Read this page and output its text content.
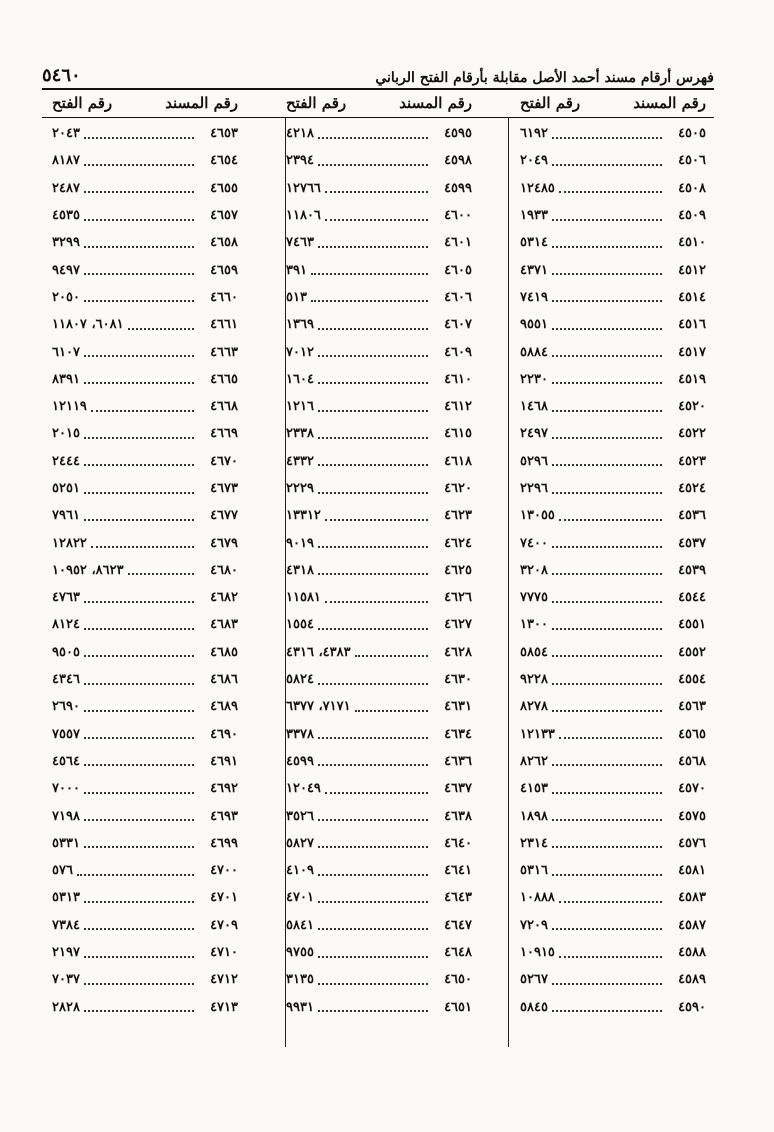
فهرس أرقام مسند أحمد الأصل مقابلة بأرقام الفتح الرباني
٥٤٦٠
رقم المسند
رقم الفتح
رقم المسند
رقم الفتح
رقم المسند
رقم الفتح
٤٥٠٥
٦١٩٢
٤٥٠٦
٢٠٤٩
٤٥٠٨
١٢٤٨٥
٤٥٠٩
١٩٣٣
٤٥١٠
٥٣١٤
٤٥١٢
٤٣٧١
٤٥١٤
٧٤١٩
٤٥١٦
٩٥٥١
٤٥١٧
٥٨٨٤
٤٥١٩
٢٢٣٠
٤٥٢٠
١٤٦٨
٤٥٢٢
٢٤٩٧
٤٥٢٣
٥٢٩٦
٤٥٢٤
٢٢٩٦
٤٥٣٦
١٣٠٥٥
٤٥٣٧
٧٤٠٠
٤٥٣٩
٣٢٠٨
٤٥٤٤
٧٧٧٥
٤٥٥١
١٣٠٠
٤٥٥٢
٥٨٥٤
٤٥٥٤
٩٢٢٨
٤٥٦٣
٨٢٧٨
٤٥٦٥
١٢١٣٣
٤٥٦٨
٨٢٦٢
٤٥٧٠
٤١٥٣
٤٥٧٥
١٨٩٨
٤٥٧٦
٢٣١٤
٤٥٨١
٥٣١٦
٤٥٨٣
١٠٨٨٨
٤٥٨٧
٧٢٠٩
٤٥٨٨
١٠٩١٥
٤٥٨٩
٥٢٦٧
٤٥٩٠
٥٨٤٥
٤٥٩٥
٤٢١٨
٤٥٩٨
٢٣٩٤
٤٥٩٩
١٢٧٦٦
٤٦٠٠
١١٨٠٦
٤٦٠١
٧٤٦٣
٤٦٠٥
٣٩١
٤٦٠٦
٥١٣
٤٦٠٧
١٣٦٩
٤٦٠٩
٧٠١٢
٤٦١٠
١٦٠٤
٤٦١٢
١٢١٦
٤٦١٥
٢٣٣٨
٤٦١٨
٤٣٣٢
٤٦٢٠
٢٢٢٩
٤٦٢٣
١٣٣١٢
٤٦٢٤
٩٠١٩
٤٦٢٥
٤٣١٨
٤٦٢٦
١١٥٨١
٤٦٢٧
١٥٥٤
٤٦٢٨
٤٣٨٣، ٤٣١٦
٤٦٣٠
٥٨٢٤
٤٦٣١
٧١٧١، ٦٣٧٧
٤٦٣٤
٣٣٧٨
٤٦٣٦
٤٥٩٩
٤٦٣٧
١٢٠٤٩
٤٦٣٨
٣٥٢٦
٤٦٤٠
٥٨٢٧
٤٦٤١
٤١٠٩
٤٦٤٣
٤٧٠١
٤٦٤٧
٥٨٤١
٤٦٤٨
٩٧٥٥
٤٦٥٠
٣١٣٥
٤٦٥١
٩٩٣١
٤٦٥٣
٢٠٤٣
٤٦٥٤
٨١٨٧
٤٦٥٥
٢٤٨٧
٤٦٥٧
٤٥٣٥
٤٦٥٨
٣٢٩٩
٤٦٥٩
٩٤٩٧
٤٦٦٠
٢٠٥٠
٤٦٦١
٦٠٨١، ١١٨٠٧
٤٦٦٣
٦١٠٧
٤٦٦٥
٨٣٩١
٤٦٦٨
١٢١١٩
٤٦٦٩
٢٠١٥
٤٦٧٠
٢٤٤٤
٤٦٧٣
٥٢٥١
٤٦٧٧
٧٩٦١
٤٦٧٩
١٢٨٢٢
٤٦٨٠
٨٦٢٣، ١٠٩٥٢
٤٦٨٢
٤٧٦٣
٤٦٨٣
٨١٢٤
٤٦٨٥
٩٥٠٥
٤٦٨٦
٤٣٤٦
٤٦٨٩
٢٦٩٠
٤٦٩٠
٧٥٥٧
٤٦٩١
٤٥٦٤
٤٦٩٢
٧٠٠٠
٤٦٩٣
٧١٩٨
٤٦٩٩
٥٣٣١
٤٧٠٠
٥٧٦
٤٧٠١
٥٣١٣
٤٧٠٩
٧٣٨٤
٤٧١٠
٢١٩٧
٤٧١٢
٧٠٣٧
٤٧١٣
٢٨٢٨
